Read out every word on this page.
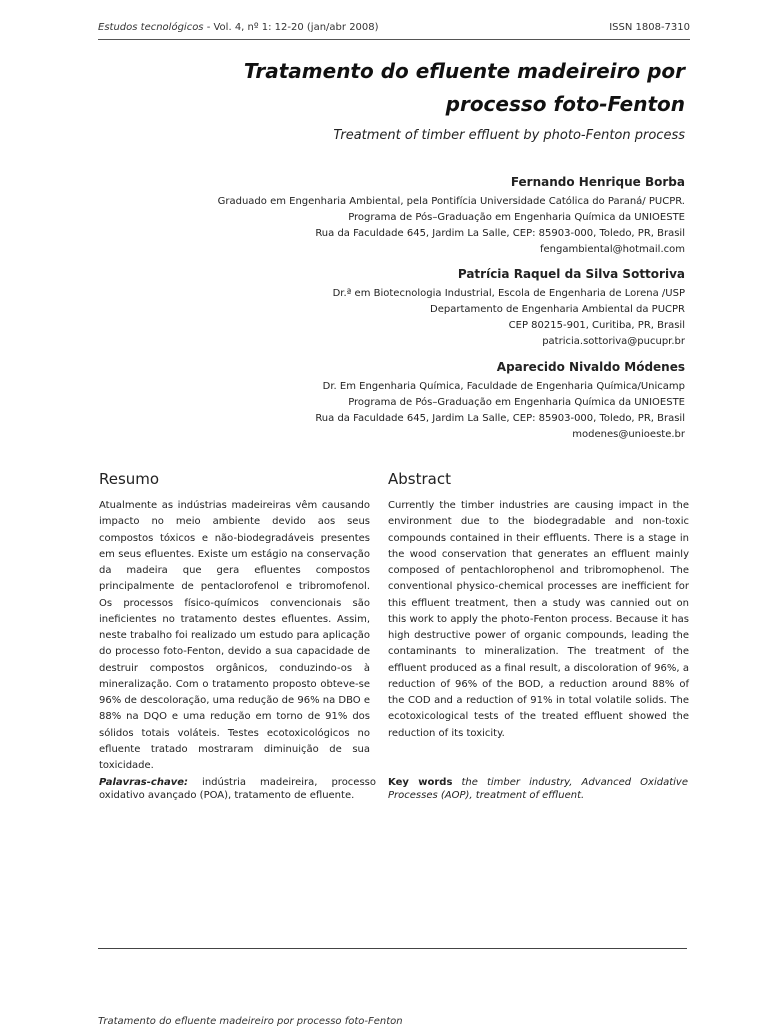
Estudos tecnológicos - Vol. 4, nº 1: 12-20 (jan/abr 2008)	ISSN 1808-7310
Tratamento do efluente madeireiro por
processo foto-Fenton
Treatment of timber effluent by photo-Fenton process
Fernando Henrique Borba
Graduado em Engenharia Ambiental, pela Pontifícia Universidade Católica do Paraná/ PUCPR.
Programa de Pós–Graduação em Engenharia Química da UNIOESTE
Rua da Faculdade 645, Jardim La Salle, CEP: 85903-000, Toledo, PR, Brasil
fengambiental@hotmail.com
Patrícia Raquel da Silva Sottoriva
Dr.ª em Biotecnologia Industrial, Escola de Engenharia de Lorena /USP
Departamento de Engenharia Ambiental da PUCPR
CEP 80215-901, Curitiba, PR, Brasil
patricia.sottoriva@pucupr.br
Aparecido Nivaldo Módenes
Dr. Em Engenharia Química, Faculdade de Engenharia Química/Unicamp
Programa de Pós–Graduação em Engenharia Química da UNIOESTE
Rua da Faculdade 645, Jardim La Salle, CEP: 85903-000, Toledo, PR, Brasil
modenes@unioeste.br
Resumo	Abstract
Atualmente as indústrias madeireiras vêm causando impacto no meio ambiente devido aos seus compostos tóxicos e não-biodegradáveis presentes em seus efluentes. Existe um estágio na conservação da madeira que gera efluentes compostos principalmente de pentaclorofenol e tribromofenol. Os processos físico-químicos convencionais são ineficientes no tratamento destes efluentes. Assim, neste trabalho foi realizado um estudo para aplicação do processo foto-Fenton, devido a sua capacidade de destruir compostos orgânicos, conduzindo-os à mineralização. Com o tratamento proposto obteve-se 96% de descoloração, uma redução de 96% na DBO e 88% na DQO e uma redução em torno de 91% dos sólidos totais voláteis. Testes ecotoxicológicos no efluente tratado mostraram diminuição de sua toxicidade.
Currently the timber industries are causing impact in the environment due to the biodegradable and non-toxic compounds contained in their effluents. There is a stage in the wood conservation that generates an effluent mainly composed of pentachlorophenol and tribromophenol. The conventional physico-chemical processes are inefficient for this effluent treatment, then a study was cannied out on this work to apply the photo-Fenton process. Because it has high destructive power of organic compounds, leading the contaminants to mineralization. The treatment of the effluent produced as a final result, a discoloration of 96%, a reduction of 96% of the BOD, a reduction around 88% of the COD and a reduction of 91% in total volatile solids. The ecotoxicological tests of the treated effluent showed the reduction of its toxicity.
Palavras-chave: indústria madeireira, processo oxidativo avançado (POA), tratamento de efluente.
Key words the timber industry, Advanced Oxidative Processes (AOP), treatment of effluent.
Tratamento do efluente madeireiro por processo foto-Fenton
